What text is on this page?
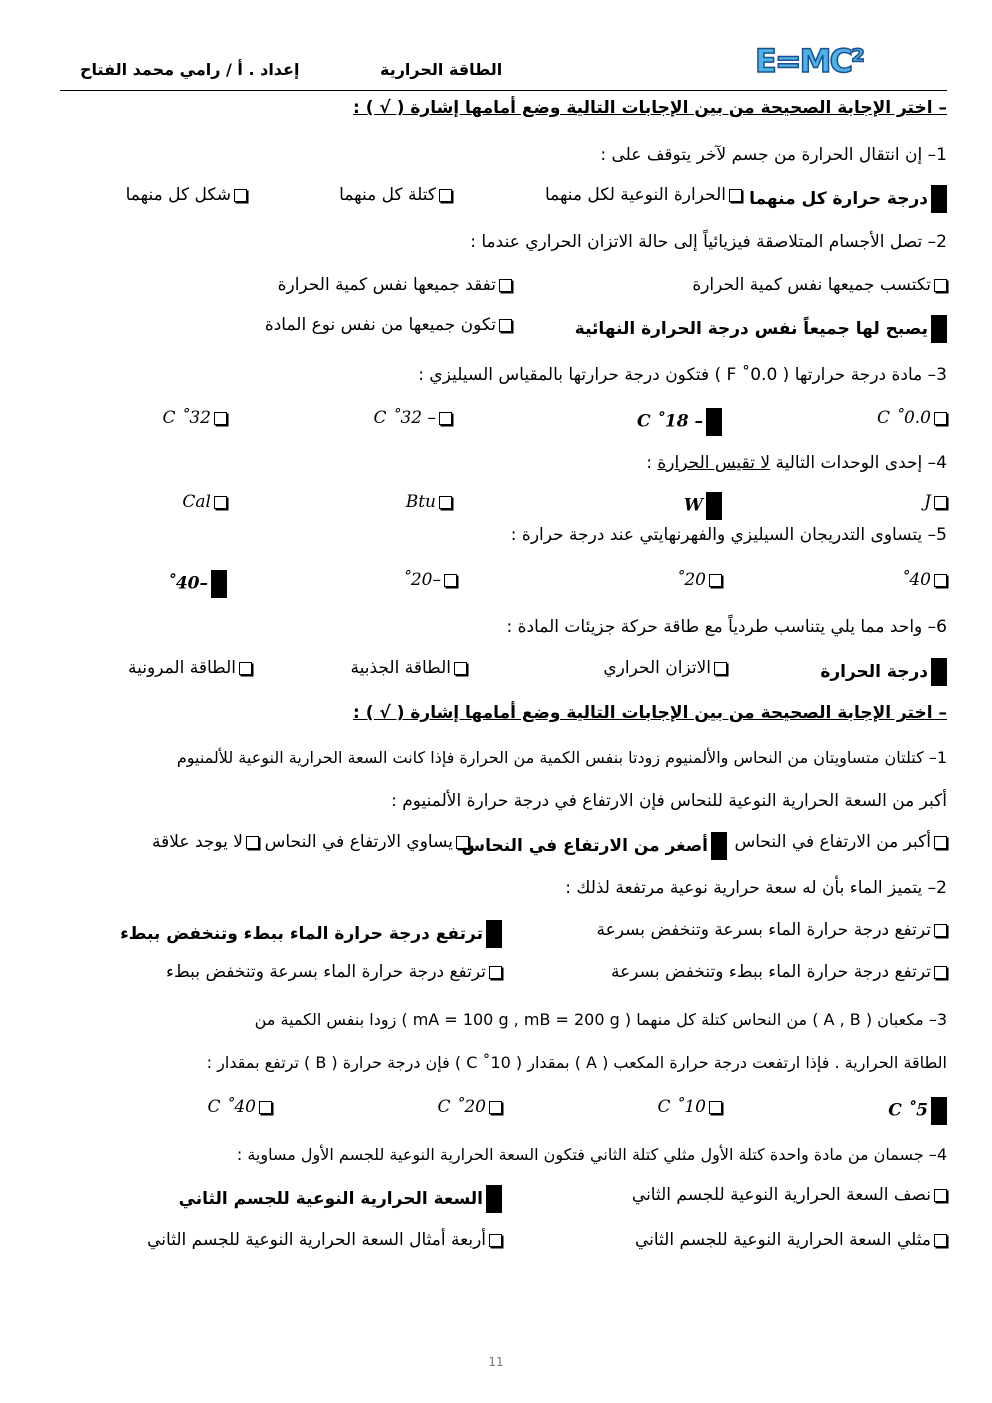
E=MC²
الطاقة الحرارية
إعداد . أ / رامي محمد الفتاح
– اختر الإجابة الصحيحة من بين الإجابات التالية وضع أمامها إشارة ( √ ) :
1– إن انتقال الحرارة من جسم لآخر يتوقف على :
درجة حرارة كل منهما
الحرارة النوعية لكل منهما
كتلة كل منهما
شكل كل منهما
2– تصل الأجسام المتلاصقة فيزيائياً إلى حالة الاتزان الحراري عندما :
تكتسب جميعها نفس كمية الحرارة
تفقد جميعها نفس كمية الحرارة
يصبح لها جميعاً نفس درجة الحرارة النهائية
تكون جميعها من نفس نوع المادة
3– مادة درجة حرارتها ( 0.0˚ F ) فتكون درجة حرارتها بالمقياس السيليزي :
0.0˚ C
– 18˚ C
– 32˚ C
32˚ C
4– إحدى الوحدات التالية لا تقيس الحرارة :
J
W
Btu
Cal
5– يتساوى التدريجان السيليزي والفهرنهايتي عند درجة حرارة :
40˚
20˚
–20˚
–40˚
6– واحد مما يلي يتناسب طردياً مع طاقة حركة جزيئات المادة :
درجة الحرارة
الاتزان الحراري
الطاقة الجذبية
الطاقة المرونية
– اختر الإجابة الصحيحة من بين الإجابات التالية وضع أمامها إشارة ( √ ) :
1– كتلتان متساويتان من النحاس والألمنيوم زودتا بنفس الكمية من الحرارة فإذا كانت السعة الحرارية النوعية للألمنيوم
أكبر من السعة الحرارية النوعية للنحاس فإن الارتفاع في درجة حرارة الألمنيوم :
أكبر من الارتفاع في النحاس
أصغر من الارتفاع في النحاس
يساوي الارتفاع في النحاس
لا يوجد علاقة
2– يتميز الماء بأن له سعة حرارية نوعية مرتفعة لذلك :
ترتفع درجة حرارة الماء بسرعة وتنخفض بسرعة
ترتفع درجة حرارة الماء ببطء وتنخفض ببطء
ترتفع درجة حرارة الماء ببطء وتنخفض بسرعة
ترتفع درجة حرارة الماء بسرعة وتنخفض ببطء
3– مكعبان ( A , B ) من النحاس كتلة كل منهما ( mA = 100 g , mB = 200 g ) زودا بنفس الكمية من
الطاقة الحرارية . فإذا ارتفعت درجة حرارة المكعب ( A ) بمقدار ( 10˚ C ) فإن درجة حرارة ( B ) ترتفع بمقدار :
5˚ C
10˚ C
20˚ C
40˚ C
4– جسمان من مادة واحدة كتلة الأول مثلي كتلة الثاني فتكون السعة الحرارية النوعية للجسم الأول مساوية :
نصف السعة الحرارية النوعية للجسم الثاني
السعة الحرارية النوعية للجسم الثاني
مثلي السعة الحرارية النوعية للجسم الثاني
أربعة أمثال السعة الحرارية النوعية للجسم الثاني
11
